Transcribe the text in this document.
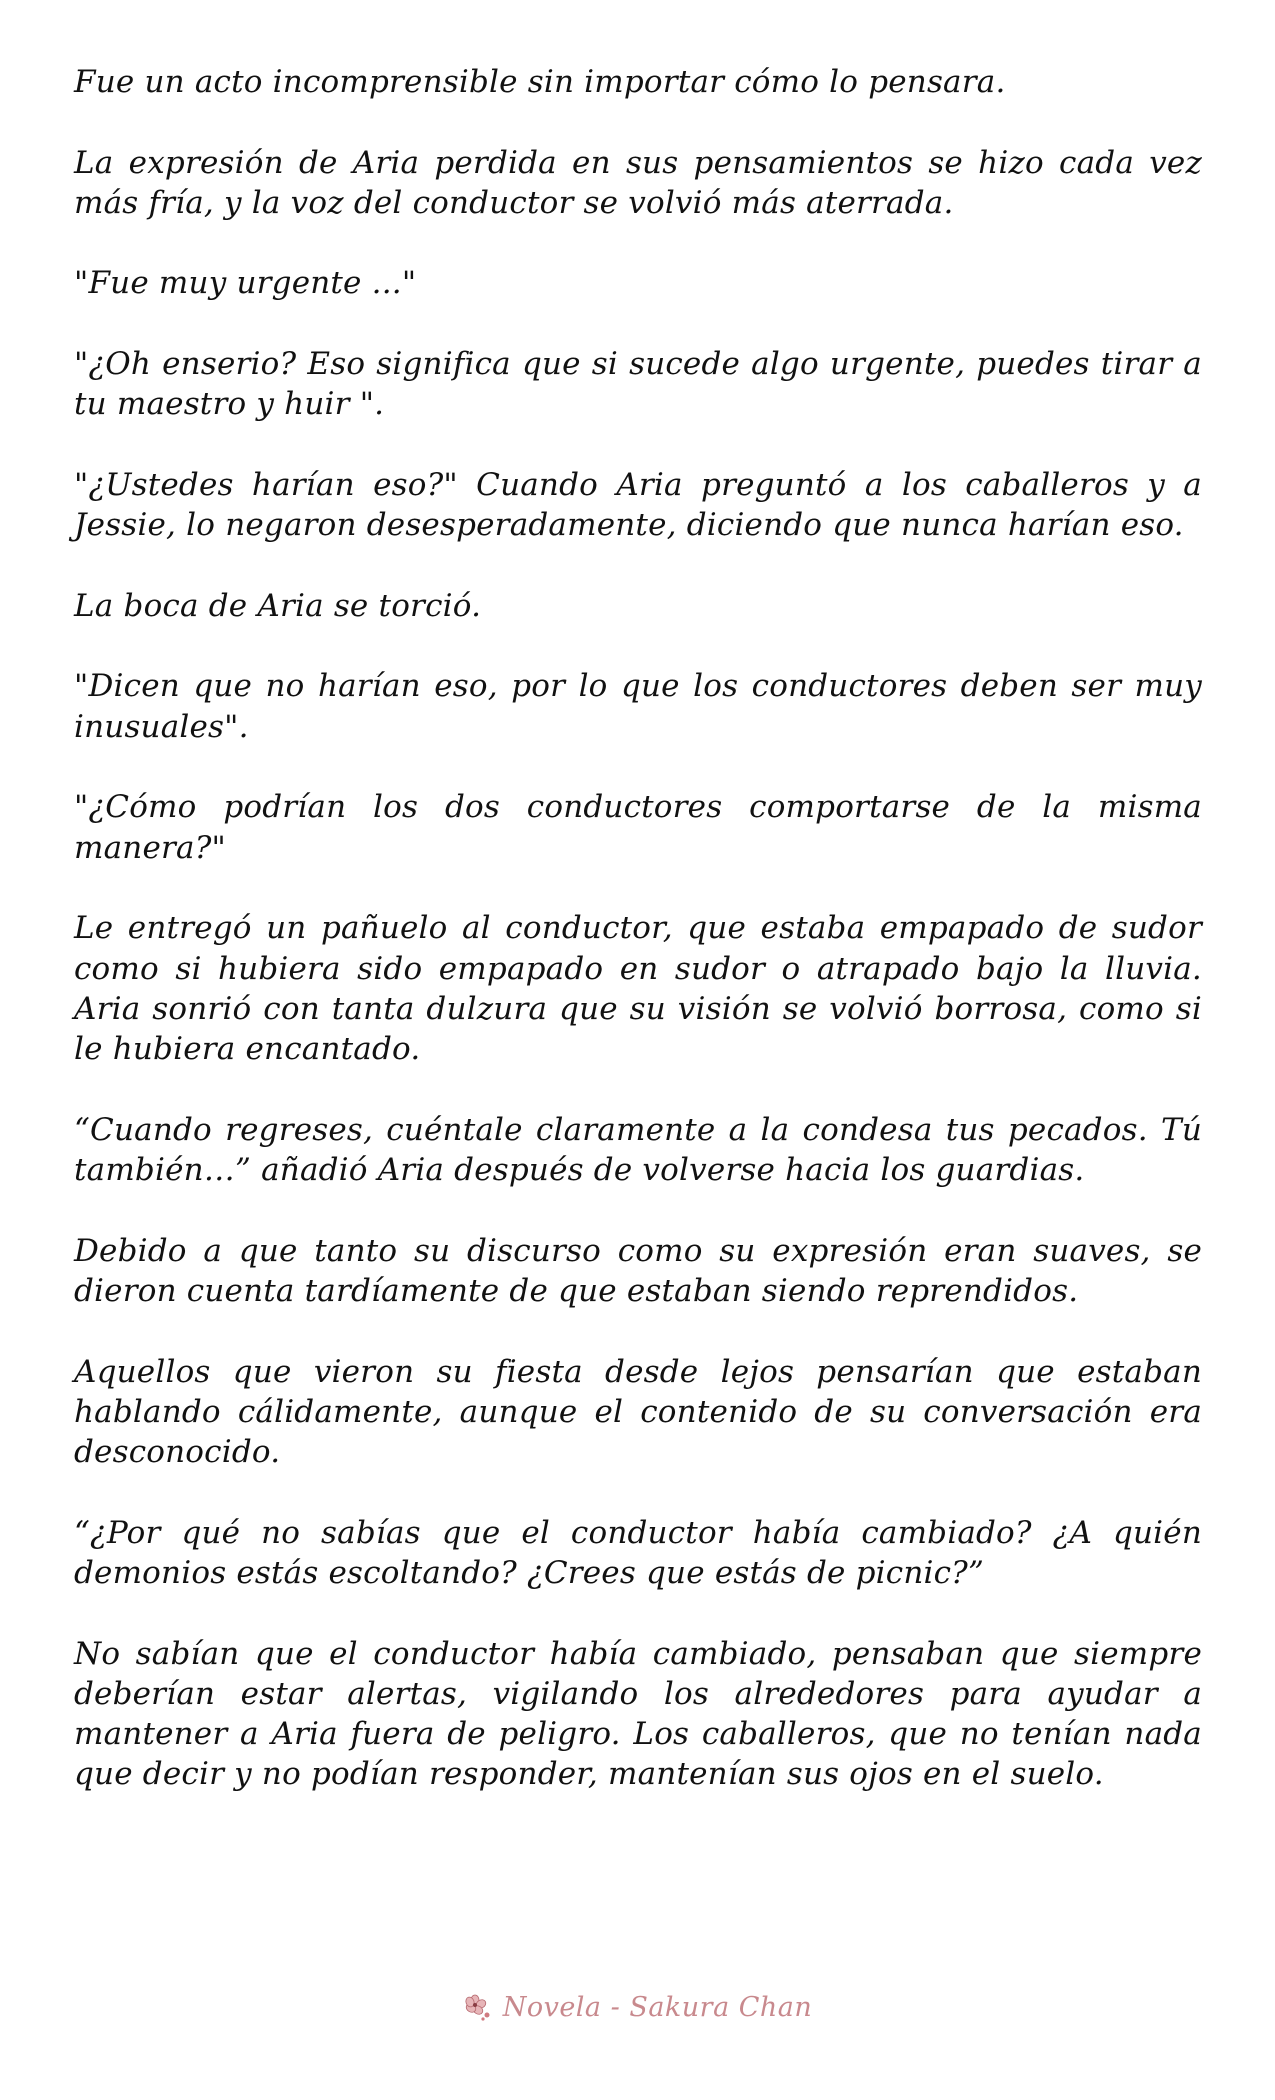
Fue un acto incomprensible sin importar cómo lo pensara.

La expresión de Aria perdida en sus pensamientos se hizo cada vez más fría, y la voz del conductor se volvió más aterrada.

"Fue muy urgente ..."

"¿Oh enserio? Eso significa que si sucede algo urgente, puedes tirar a tu maestro y huir ".

"¿Ustedes harían eso?" Cuando Aria preguntó a los caballeros y a Jessie, lo negaron desesperadamente, diciendo que nunca harían eso.

La boca de Aria se torció.

"Dicen que no harían eso, por lo que los conductores deben ser muy inusuales".

"¿Cómo podrían los dos conductores comportarse de la misma manera?"

Le entregó un pañuelo al conductor, que estaba empapado de sudor como si hubiera sido empapado en sudor o atrapado bajo la lluvia. Aria sonrió con tanta dulzura que su visión se volvió borrosa, como si le hubiera encantado.

“Cuando regreses, cuéntale claramente a la condesa tus pecados. Tú también…” añadió Aria después de volverse hacia los guardias.

Debido a que tanto su discurso como su expresión eran suaves, se dieron cuenta tardíamente de que estaban siendo reprendidos.

Aquellos que vieron su fiesta desde lejos pensarían que estaban hablando cálidamente, aunque el contenido de su conversación era desconocido.

“¿Por qué no sabías que el conductor había cambiado? ¿A quién demonios estás escoltando? ¿Crees que estás de picnic?”

No sabían que el conductor había cambiado, pensaban que siempre deberían estar alertas, vigilando los alrededores para ayudar a mantener a Aria fuera de peligro. Los caballeros, que no tenían nada que decir y no podían responder, mantenían sus ojos en el suelo.

Novela - Sakura Chan
